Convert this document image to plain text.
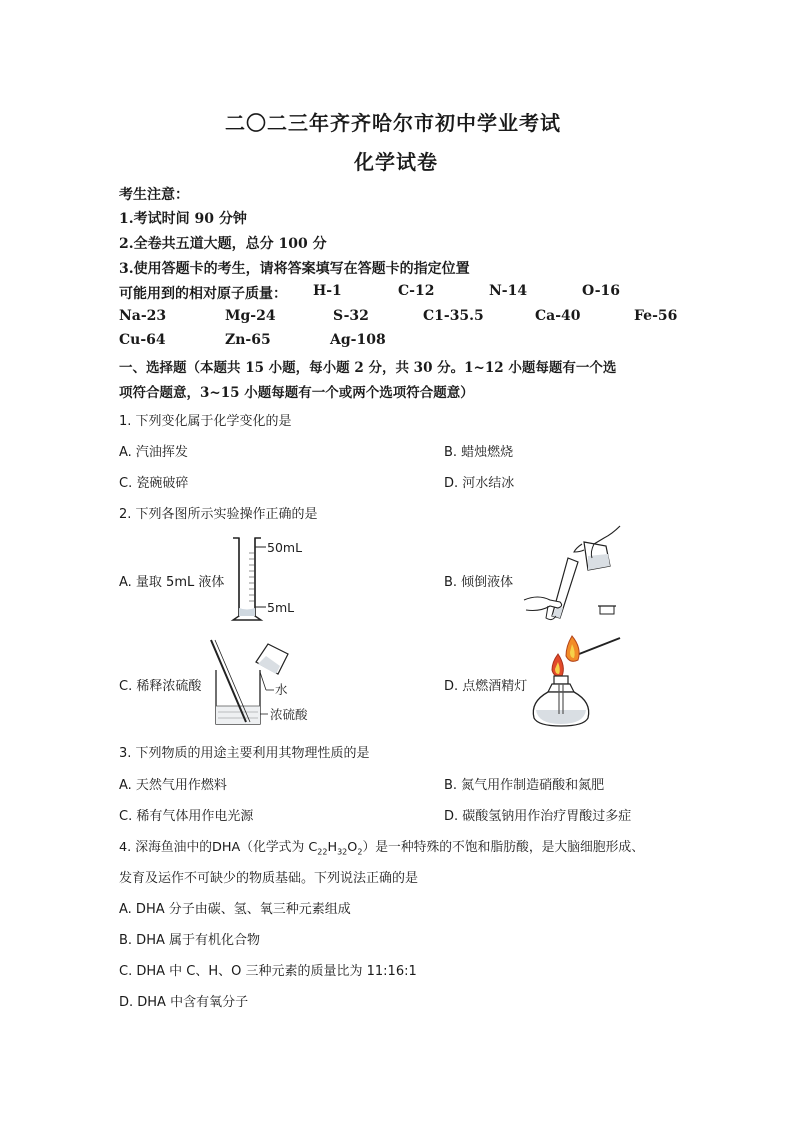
二〇二三年齐齐哈尔市初中学业考试
化学试卷
考生注意：
1.考试时间 90 分钟
2.全卷共五道大题，总分 100 分
3.使用答题卡的考生，请将答案填写在答题卡的指定位置
可能用到的相对原子质量： H-1	C-12	N-14	O-16
Na-23	Mg-24	S-32	C1-35.5	Ca-40	Fe-56
Cu-64	Zn-65	Ag-108
一、选择题（本题共 15 小题，每小题 2 分，共 30 分。1~12 小题每题有一个选
项符合题意，3~15 小题每题有一个或两个选项符合题意）
1. 下列变化属于化学变化的是
A. 汽油挥发	B. 蜡烛燃烧
C. 瓷碗破碎	D. 河水结冰
2. 下列各图所示实验操作正确的是
A. 量取 5mL 液体	B. 倾倒液体
C. 稀释浓硫酸	D. 点燃酒精灯
50mL
5mL
水
浓硫酸
3. 下列物质的用途主要利用其物理性质的是
A. 天然气用作燃料	B. 氮气用作制造硝酸和氮肥
C. 稀有气体用作电光源	D. 碳酸氢钠用作治疗胃酸过多症
4. 深海鱼油中的DHA（化学式为 $C_{22}H_{32}O_2$）是一种特殊的不饱和脂肪酸，是大脑细胞形成、
发育及运作不可缺少的物质基础。下列说法正确的是
A. DHA 分子由碳、氢、氧三种元素组成
B. DHA 属于有机化合物
C. DHA 中 C、H、O 三种元素的质量比为 11:16:1
D. DHA 中含有氧分子
